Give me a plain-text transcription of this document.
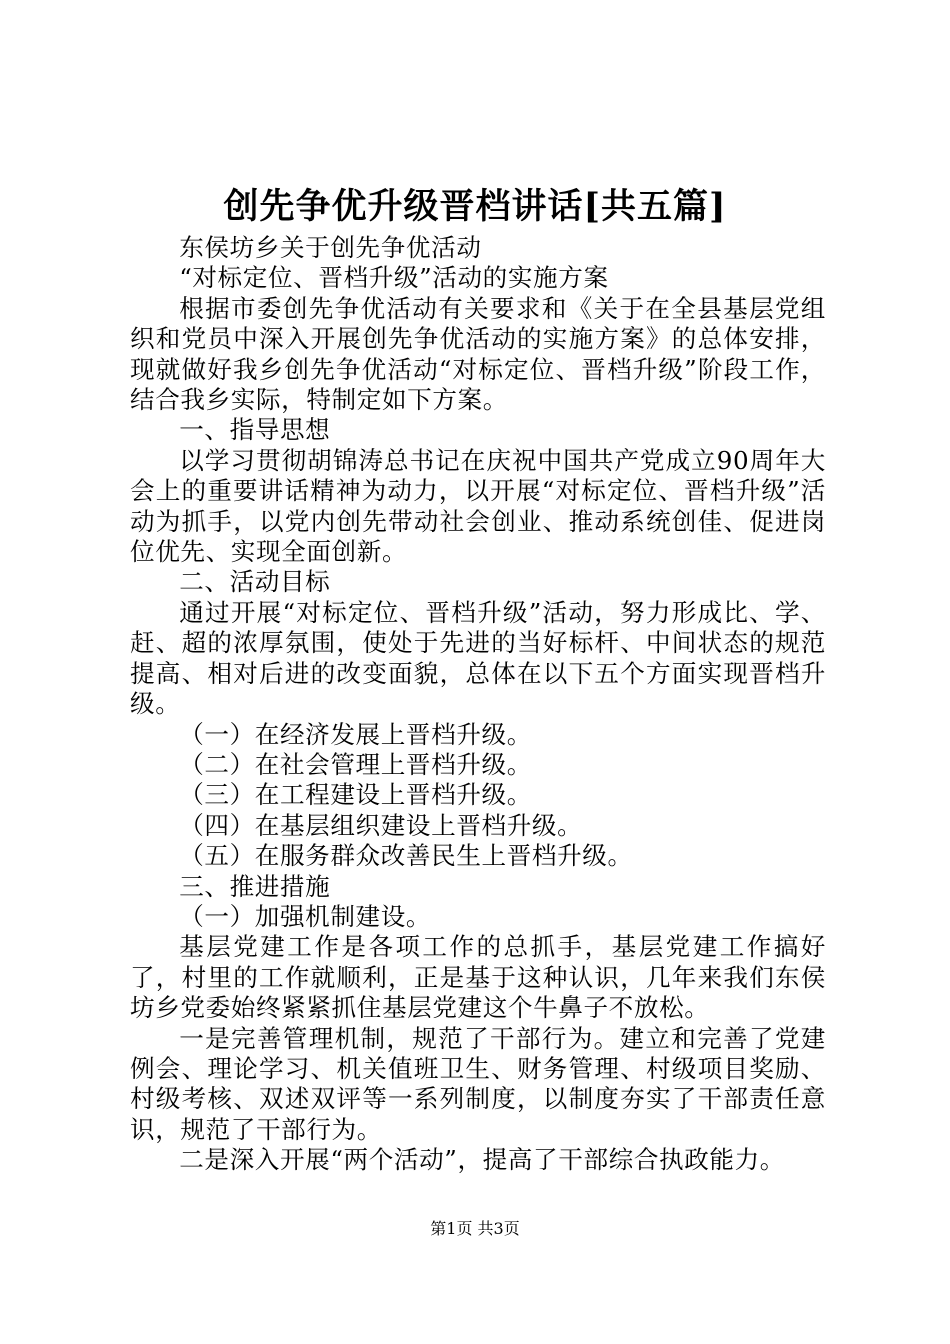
创先争优升级晋档讲话[共五篇]

东侯坊乡关于创先争优活动

“对标定位、晋档升级”活动的实施方案

根据市委创先争优活动有关要求和《关于在全县基层党组织和党员中深入开展创先争优活动的实施方案》的总体安排，现就做好我乡创先争优活动“对标定位、晋档升级”阶段工作，结合我乡实际，特制定如下方案。

一、指导思想

以学习贯彻胡锦涛总书记在庆祝中国共产党成立90周年大会上的重要讲话精神为动力，以开展“对标定位、晋档升级”活动为抓手，以党内创先带动社会创业、推动系统创佳、促进岗位优先、实现全面创新。

二、活动目标

通过开展“对标定位、晋档升级”活动，努力形成比、学、赶、超的浓厚氛围，使处于先进的当好标杆、中间状态的规范提高、相对后进的改变面貌，总体在以下五个方面实现晋档升级。

（一）在经济发展上晋档升级。

（二）在社会管理上晋档升级。

（三）在工程建设上晋档升级。

（四）在基层组织建设上晋档升级。

（五）在服务群众改善民生上晋档升级。

三、推进措施

（一）加强机制建设。

基层党建工作是各项工作的总抓手，基层党建工作搞好了，村里的工作就顺利，正是基于这种认识，几年来我们东侯坊乡党委始终紧紧抓住基层党建这个牛鼻子不放松。

一是完善管理机制，规范了干部行为。建立和完善了党建例会、理论学习、机关值班卫生、财务管理、村级项目奖励、村级考核、双述双评等一系列制度，以制度夯实了干部责任意识，规范了干部行为。

二是深入开展“两个活动”，提高了干部综合执政能力。

第1页 共3页
